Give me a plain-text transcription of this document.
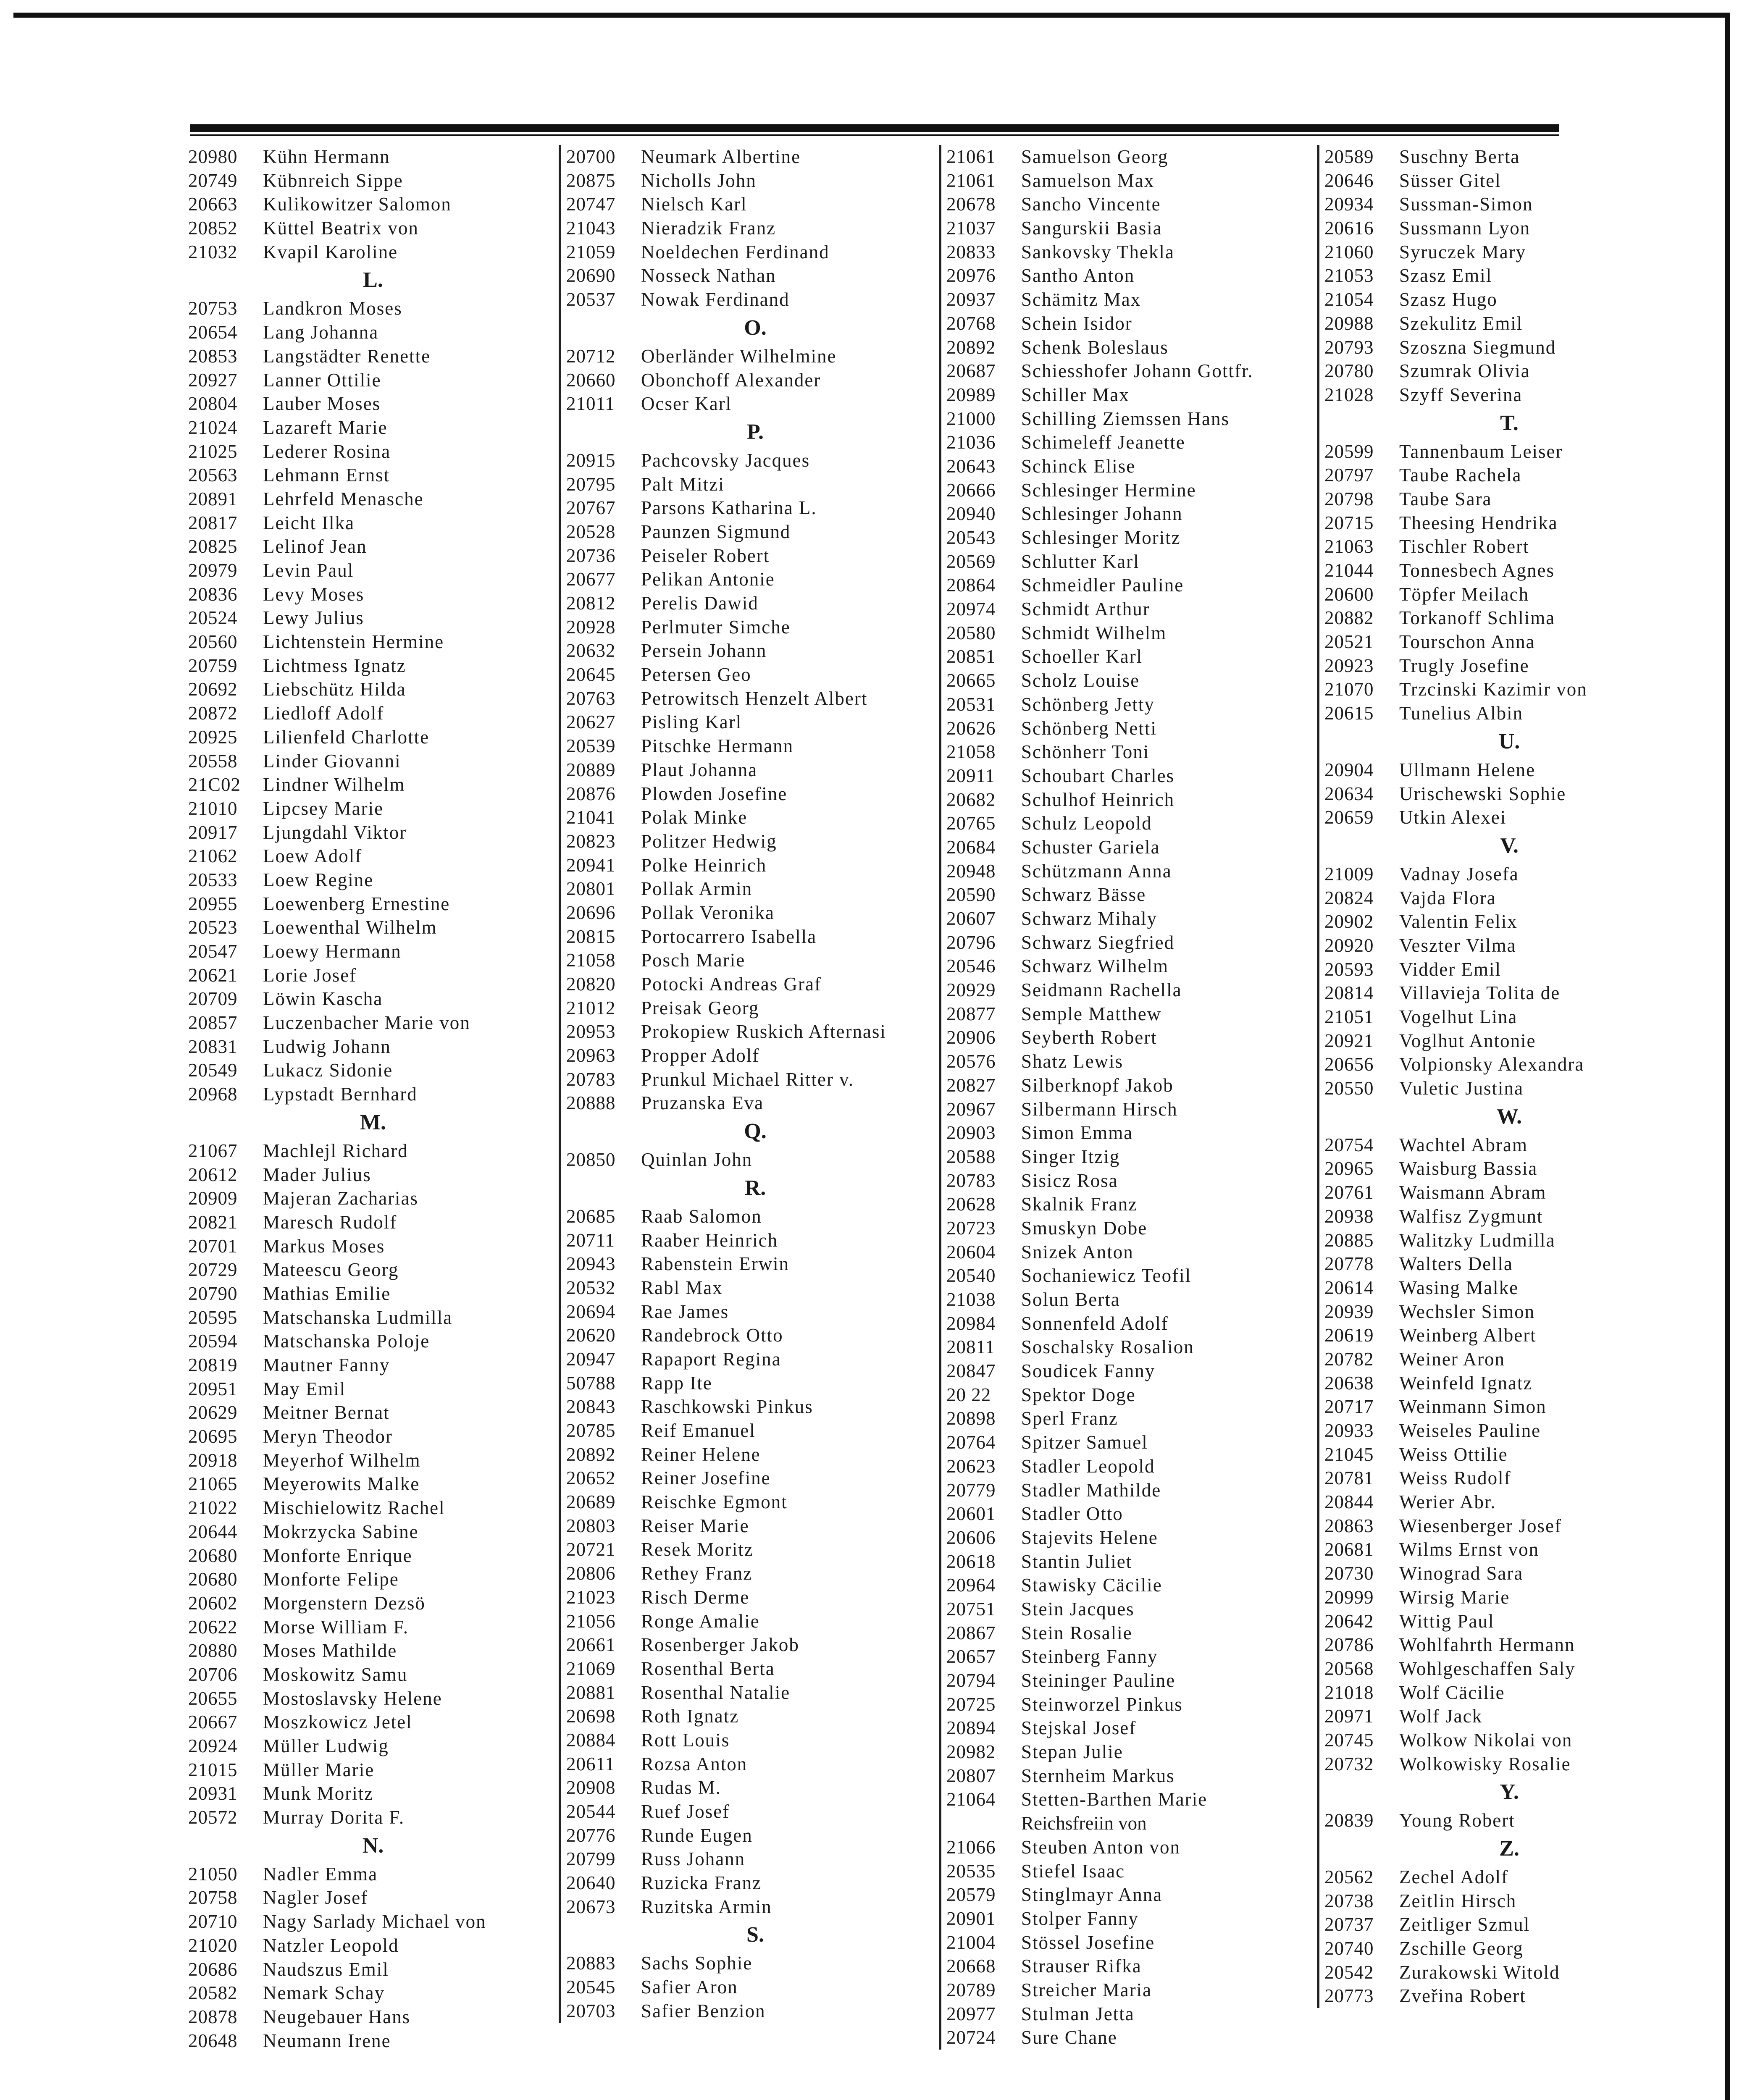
20980 Kühn Hermann
20749 Kübnreich Sippe
20663 Kulikowitzer Salomon
20852 Küttel Beatrix von
21032 Kvapil Karoline
L.
20753 Landkron Moses
20654 Lang Johanna
20853 Langstädter Renette
20927 Lanner Ottilie
20804 Lauber Moses
21024 Lazareft Marie
21025 Lederer Rosina
20563 Lehmann Ernst
20891 Lehrfeld Menasche
20817 Leicht Ilka
20825 Lelinof Jean
20979 Levin Paul
20836 Levy Moses
20524 Lewy Julius
20560 Lichtenstein Hermine
20759 Lichtmess Ignatz
20692 Liebschütz Hilda
20872 Liedloff Adolf
20925 Lilienfeld Charlotte
20558 Linder Giovanni
21C02 Lindner Wilhelm
21010 Lipcsey Marie
20917 Ljungdahl Viktor
21062 Loew Adolf
20533 Loew Regine
20955 Loewenberg Ernestine
20523 Loewenthal Wilhelm
20547 Loewy Hermann
20621 Lorie Josef
20709 Löwin Kascha
20857 Luczenbacher Marie von
20831 Ludwig Johann
20549 Lukacz Sidonie
20968 Lypstadt Bernhard
M.
21067 Machlejl Richard
20612 Mader Julius
20909 Majeran Zacharias
20821 Maresch Rudolf
20701 Markus Moses
20729 Mateescu Georg
20790 Mathias Emilie
20595 Matschanska Ludmilla
20594 Matschanska Poloje
20819 Mautner Fanny
20951 May Emil
20629 Meitner Bernat
20695 Meryn Theodor
20918 Meyerhof Wilhelm
21065 Meyerowits Malke
21022 Mischielowitz Rachel
20644 Mokrzycka Sabine
20680 Monforte Enrique
20680 Monforte Felipe
20602 Morgenstern Dezsö
20622 Morse William F.
20880 Moses Mathilde
20706 Moskowitz Samu
20655 Mostoslavsky Helene
20667 Moszkowicz Jetel
20924 Müller Ludwig
21015 Müller Marie
20931 Munk Moritz
20572 Murray Dorita F.
N.
21050 Nadler Emma
20758 Nagler Josef
20710 Nagy Sarlady Michael von
21020 Natzler Leopold
20686 Naudszus Emil
20582 Nemark Schay
20878 Neugebauer Hans
20648 Neumann Irene
20700 Neumark Albertine
20875 Nicholls John
20747 Nielsch Karl
21043 Nieradzik Franz
21059 Noeldechen Ferdinand
20690 Nosseck Nathan
20537 Nowak Ferdinand
O.
20712 Oberländer Wilhelmine
20660 Obonchoff Alexander
21011 Ocser Karl
P.
20915 Pachcovsky Jacques
20795 Palt Mitzi
20767 Parsons Katharina L.
20528 Paunzen Sigmund
20736 Peiseler Robert
20677 Pelikan Antonie
20812 Perelis Dawid
20928 Perlmuter Simche
20632 Persein Johann
20645 Petersen Geo
20763 Petrowitsch Henzelt Albert
20627 Pisling Karl
20539 Pitschke Hermann
20889 Plaut Johanna
20876 Plowden Josefine
21041 Polak Minke
20823 Politzer Hedwig
20941 Polke Heinrich
20801 Pollak Armin
20696 Pollak Veronika
20815 Portocarrero Isabella
21058 Posch Marie
20820 Potocki Andreas Graf
21012 Preisak Georg
20953 Prokopiew Ruskich Afternasi
20963 Propper Adolf
20783 Prunkul Michael Ritter v.
20888 Pruzanska Eva
Q.
20850 Quinlan John
R.
20685 Raab Salomon
20711 Raaber Heinrich
20943 Rabenstein Erwin
20532 Rabl Max
20694 Rae James
20620 Randebrock Otto
20947 Rapaport Regina
50788 Rapp Ite
20843 Raschkowski Pinkus
20785 Reif Emanuel
20892 Reiner Helene
20652 Reiner Josefine
20689 Reischke Egmont
20803 Reiser Marie
20721 Resek Moritz
20806 Rethey Franz
21023 Risch Derme
21056 Ronge Amalie
20661 Rosenberger Jakob
21069 Rosenthal Berta
20881 Rosenthal Natalie
20698 Roth Ignatz
20884 Rott Louis
20611 Rozsa Anton
20908 Rudas M.
20544 Ruef Josef
20776 Runde Eugen
20799 Russ Johann
20640 Ruzicka Franz
20673 Ruzitska Armin
S.
20883 Sachs Sophie
20545 Safier Aron
20703 Safier Benzion
21061 Samuelson Georg
21061 Samuelson Max
20678 Sancho Vincente
21037 Sangurskii Basia
20833 Sankovsky Thekla
20976 Santho Anton
20937 Schämitz Max
20768 Schein Isidor
20892 Schenk Boleslaus
20687 Schiesshofer Johann Gottfr.
20989 Schiller Max
21000 Schilling Ziemssen Hans
21036 Schimeleff Jeanette
20643 Schinck Elise
20666 Schlesinger Hermine
20940 Schlesinger Johann
20543 Schlesinger Moritz
20569 Schlutter Karl
20864 Schmeidler Pauline
20974 Schmidt Arthur
20580 Schmidt Wilhelm
20851 Schoeller Karl
20665 Scholz Louise
20531 Schönberg Jetty
20626 Schönberg Netti
21058 Schönherr Toni
20911 Schoubart Charles
20682 Schulhof Heinrich
20765 Schulz Leopold
20684 Schuster Gariela
20948 Schützmann Anna
20590 Schwarz Bässe
20607 Schwarz Mihaly
20796 Schwarz Siegfried
20546 Schwarz Wilhelm
20929 Seidmann Rachella
20877 Semple Matthew
20906 Seyberth Robert
20576 Shatz Lewis
20827 Silberknopf Jakob
20967 Silbermann Hirsch
20903 Simon Emma
20588 Singer Itzig
20783 Sisicz Rosa
20628 Skalnik Franz
20723 Smuskyn Dobe
20604 Snizek Anton
20540 Sochaniewicz Teofil
21038 Solun Berta
20984 Sonnenfeld Adolf
20811 Soschalsky Rosalion
20847 Soudicek Fanny
20 22 Spektor Doge
20898 Sperl Franz
20764 Spitzer Samuel
20623 Stadler Leopold
20779 Stadler Mathilde
20601 Stadler Otto
20606 Stajevits Helene
20618 Stantin Juliet
20964 Stawisky Cäcilie
20751 Stein Jacques
20867 Stein Rosalie
20657 Steinberg Fanny
20794 Steininger Pauline
20725 Steinworzel Pinkus
20894 Stejskal Josef
20982 Stepan Julie
20807 Sternheim Markus
21064 Stetten-Barthen Marie
Reichsfreiin von
21066 Steuben Anton von
20535 Stiefel Isaac
20579 Stinglmayr Anna
20901 Stolper Fanny
21004 Stössel Josefine
20668 Strauser Rifka
20789 Streicher Maria
20977 Stulman Jetta
20724 Sure Chane
20589 Suschny Berta
20646 Süsser Gitel
20934 Sussman-Simon
20616 Sussmann Lyon
21060 Syruczek Mary
21053 Szasz Emil
21054 Szasz Hugo
20988 Szekulitz Emil
20793 Szoszna Siegmund
20780 Szumrak Olivia
21028 Szyff Severina
T.
20599 Tannenbaum Leiser
20797 Taube Rachela
20798 Taube Sara
20715 Theesing Hendrika
21063 Tischler Robert
21044 Tonnesbech Agnes
20600 Töpfer Meilach
20882 Torkanoff Schlima
20521 Tourschon Anna
20923 Trugly Josefine
21070 Trzcinski Kazimir von
20615 Tunelius Albin
U.
20904 Ullmann Helene
20634 Urischewski Sophie
20659 Utkin Alexei
V.
21009 Vadnay Josefa
20824 Vajda Flora
20902 Valentin Felix
20920 Veszter Vilma
20593 Vidder Emil
20814 Villavieja Tolita de
21051 Vogelhut Lina
20921 Voglhut Antonie
20656 Volpionsky Alexandra
20550 Vuletic Justina
W.
20754 Wachtel Abram
20965 Waisburg Bassia
20761 Waismann Abram
20938 Walfisz Zygmunt
20885 Walitzky Ludmilla
20778 Walters Della
20614 Wasing Malke
20939 Wechsler Simon
20619 Weinberg Albert
20782 Weiner Aron
20638 Weinfeld Ignatz
20717 Weinmann Simon
20933 Weiseles Pauline
21045 Weiss Ottilie
20781 Weiss Rudolf
20844 Werier Abr.
20863 Wiesenberger Josef
20681 Wilms Ernst von
20730 Winograd Sara
20999 Wirsig Marie
20642 Wittig Paul
20786 Wohlfahrth Hermann
20568 Wohlgeschaffen Saly
21018 Wolf Cäcilie
20971 Wolf Jack
20745 Wolkow Nikolai von
20732 Wolkowisky Rosalie
Y.
20839 Young Robert
Z.
20562 Zechel Adolf
20738 Zeitlin Hirsch
20737 Zeitliger Szmul
20740 Zschille Georg
20542 Zurakowski Witold
20773 Zveřina Robert
